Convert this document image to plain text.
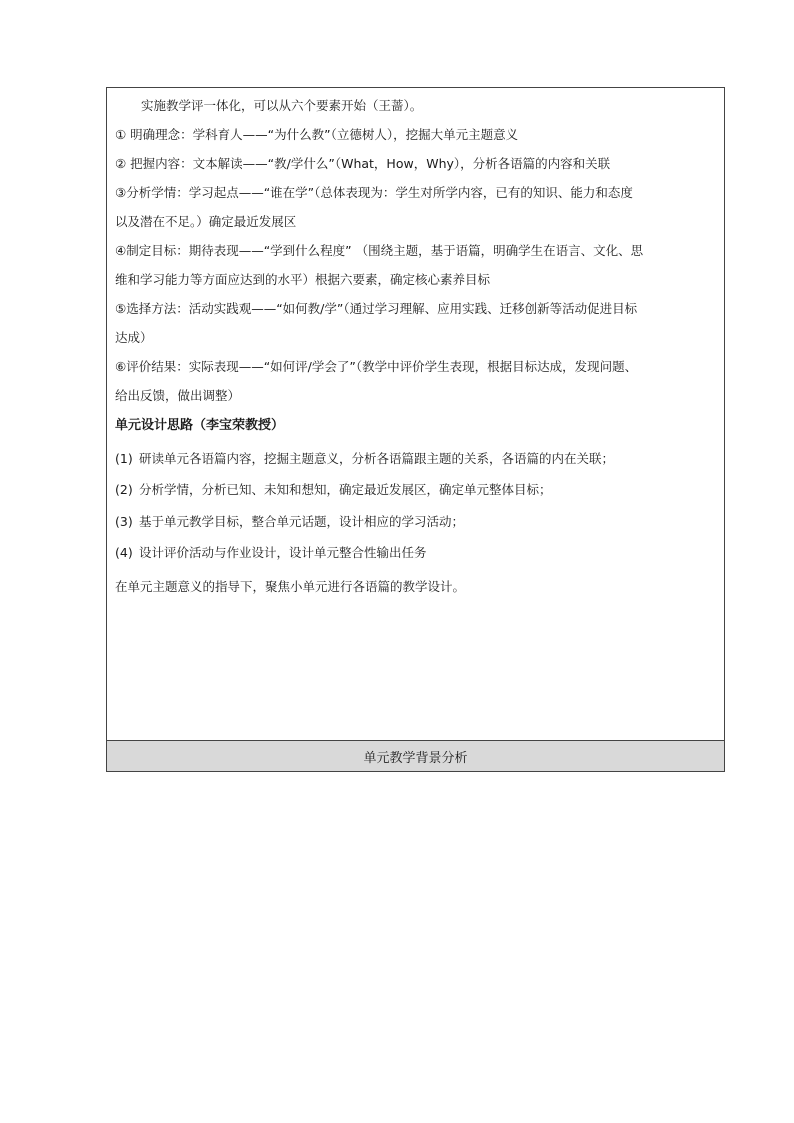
实施教学评一体化，可以从六个要素开始（王蔷）。
① 明确理念：学科育人——“为什么教”（立德树人），挖掘大单元主题意义
② 把握内容：文本解读——“教/学什么”（What，How，Why），分析各语篇的内容和关联
③分析学情：学习起点——“谁在学”（总体表现为：学生对所学内容，已有的知识、能力和态度
以及潜在不足。）确定最近发展区
④制定目标：期待表现——“学到什么程度” （围绕主题，基于语篇，明确学生在语言、文化、思
维和学习能力等方面应达到的水平）根据六要素，确定核心素养目标
⑤选择方法：活动实践观——“如何教/学”（通过学习理解、应用实践、迁移创新等活动促进目标
达成）
⑥评价结果：实际表现——“如何评/学会了”（教学中评价学生表现，根据目标达成，发现问题、
给出反馈，做出调整）
单元设计思路（李宝荣教授）
(1) 研读单元各语篇内容，挖掘主题意义，分析各语篇跟主题的关系，各语篇的内在关联；
(2) 分析学情，分析已知、未知和想知，确定最近发展区，确定单元整体目标；
(3) 基于单元教学目标，整合单元话题，设计相应的学习活动；
(4) 设计评价活动与作业设计，设计单元整合性输出任务
在单元主题意义的指导下，聚焦小单元进行各语篇的教学设计。
单元教学背景分析
